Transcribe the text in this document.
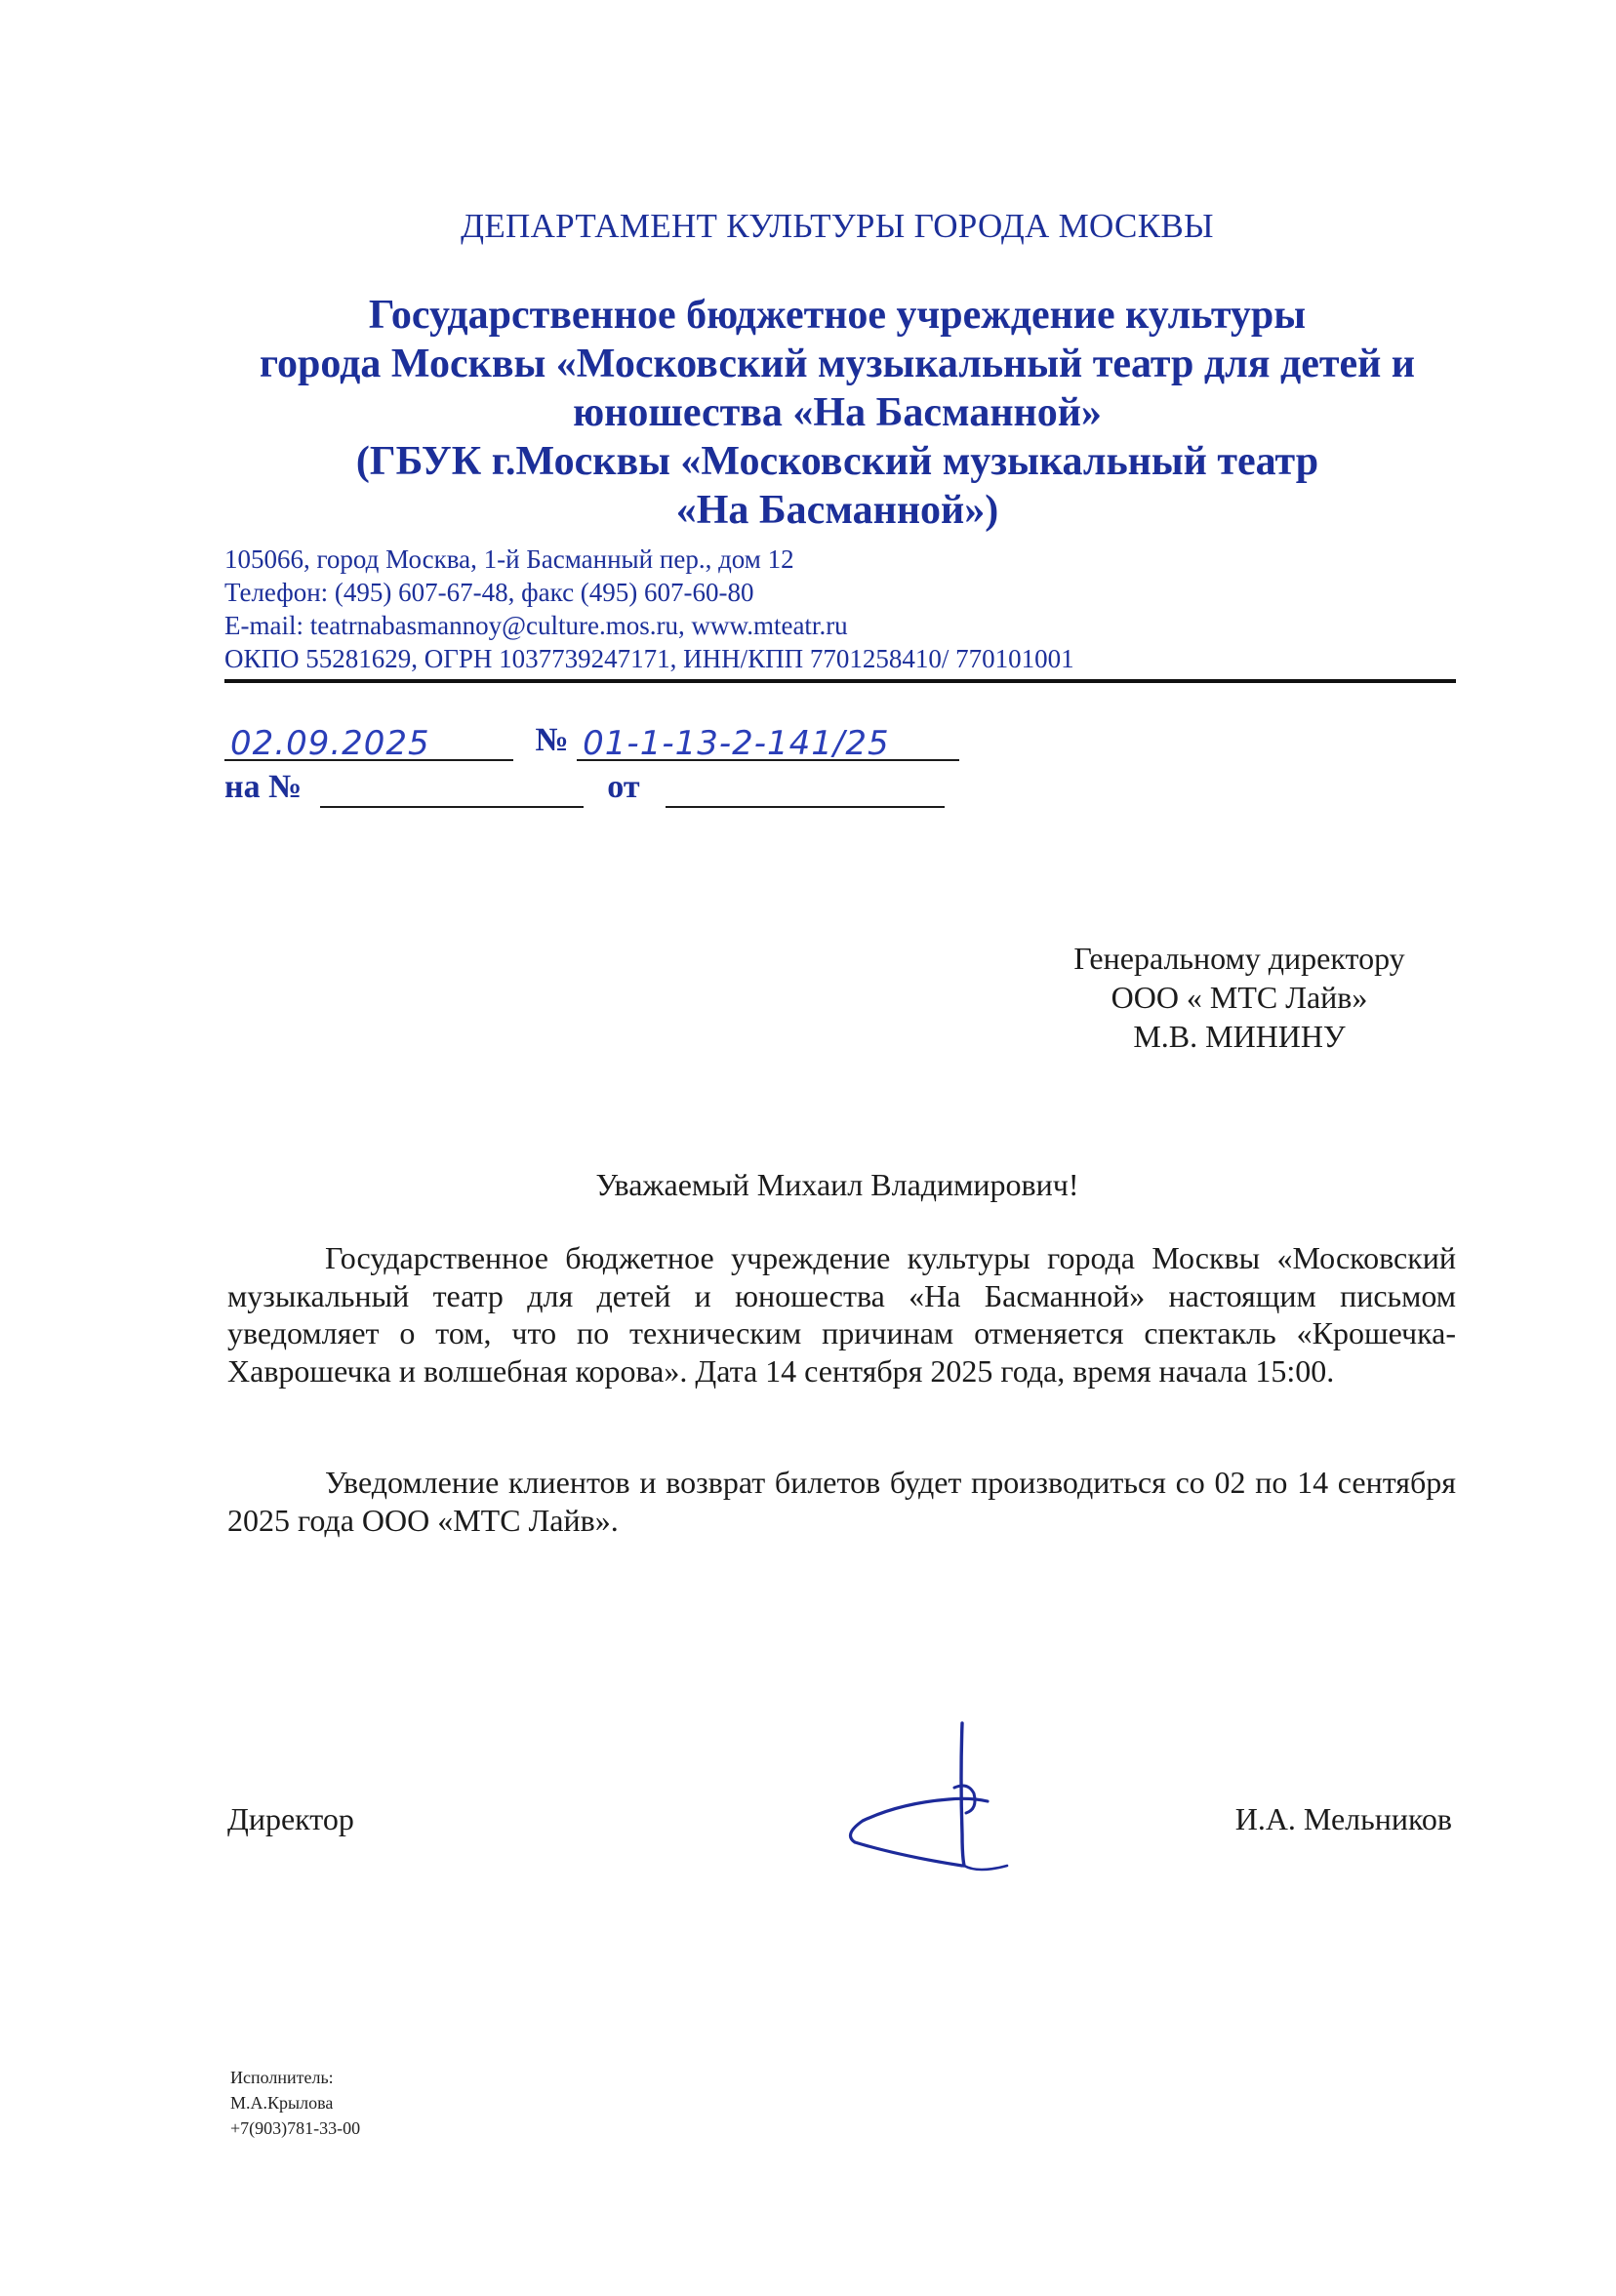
ДЕПАРТАМЕНТ КУЛЬТУРЫ ГОРОДА МОСКВЫ
Государственное бюджетное учреждение культуры
города Москвы «Московский музыкальный театр для детей и
юношества «На Басманной»
(ГБУК г.Москвы «Московский музыкальный театр
«На Басманной»)
105066, город Москва, 1-й Басманный пер., дом 12
Телефон: (495) 607-67-48, факс (495) 607-60-80
E-mail: teatrnabasmannoy@culture.mos.ru, www.mteatr.ru
ОКПО 55281629, ОГРН 1037739247171, ИНН/КПП 7701258410/ 770101001
02.09.2025	№ 01-1-13-2-141/25
на №	от
Генеральному директору
ООО « МТС Лайв»
М.В. МИНИНУ
Уважаемый Михаил Владимирович!
Государственное бюджетное учреждение культуры города Москвы «Московский музыкальный театр для детей и юношества «На Басманной» настоящим письмом уведомляет о том, что по техническим причинам отменяется спектакль «Крошечка-Хаврошечка и волшебная корова». Дата 14 сентября 2025 года, время начала 15:00.
Уведомление клиентов и возврат билетов будет производиться со 02 по 14 сентября 2025 года ООО «МТС Лайв».
Директор	И.А. Мельников
Исполнитель:
М.А.Крылова
+7(903)781-33-00
